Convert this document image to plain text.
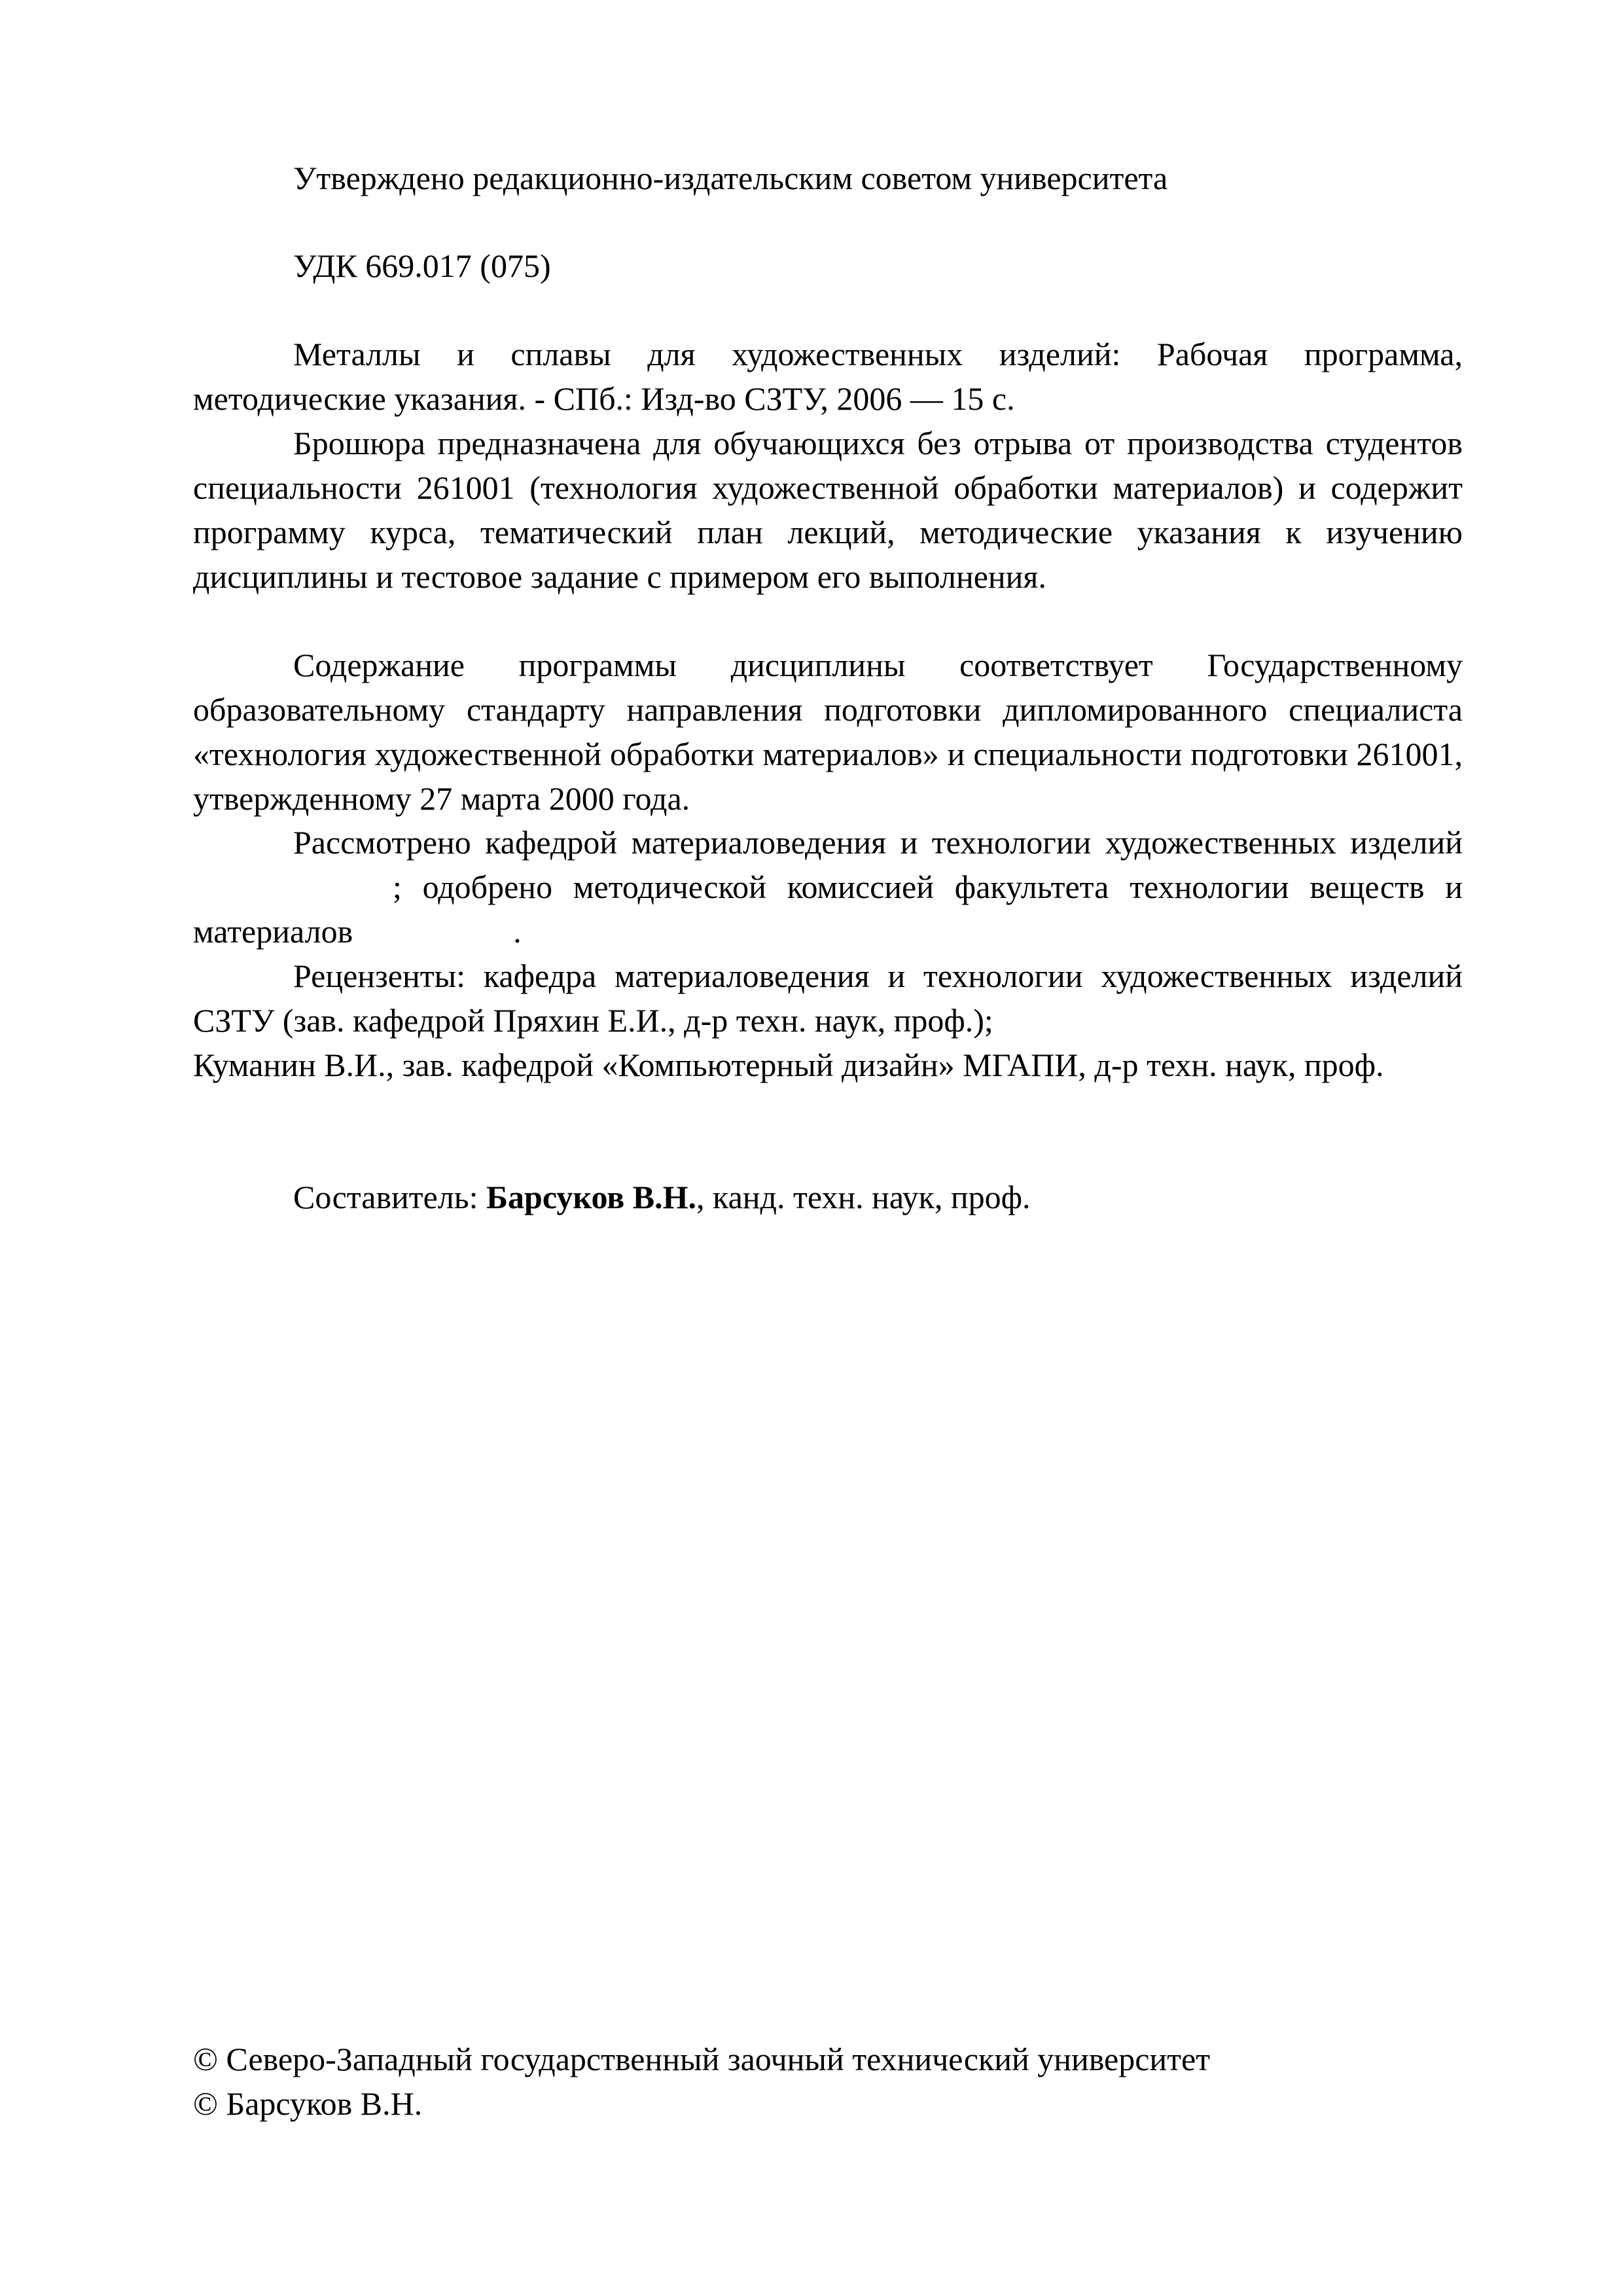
Утверждено редакционно-издательским советом университета

УДК 669.017 (075)

Металлы и сплавы для художественных изделий: Рабочая программа, методические указания. - СПб.: Изд-во СЗТУ, 2006 — 15 с.

Брошюра предназначена для обучающихся без отрыва от производства студентов специальности 261001 (технология художественной обработки материалов) и содержит программу курса, тематический план лекций, методические указания к изучению дисциплины и тестовое задание с примером его выполнения.

Содержание программы дисциплины соответствует Государственному образовательному стандарту направления подготовки дипломированного специалиста «технология художественной обработки материалов» и специальности подготовки 261001, утвержденному 27 марта 2000 года.

Рассмотрено кафедрой материаловедения и технологии художественных изделий; одобрено методической комиссией факультета технологии веществ и материалов	.

Рецензенты: кафедра материаловедения и технологии художественных изделий СЗТУ (зав. кафедрой Пряхин Е.И., д-р техн. наук, проф.);

Куманин В.И., зав. кафедрой «Компьютерный дизайн» МГАПИ, д-р техн. наук, проф.

Составитель: Барсуков В.Н., канд. техн. наук, проф.

© Северо-Западный государственный заочный технический университет

© Барсуков В.Н.
